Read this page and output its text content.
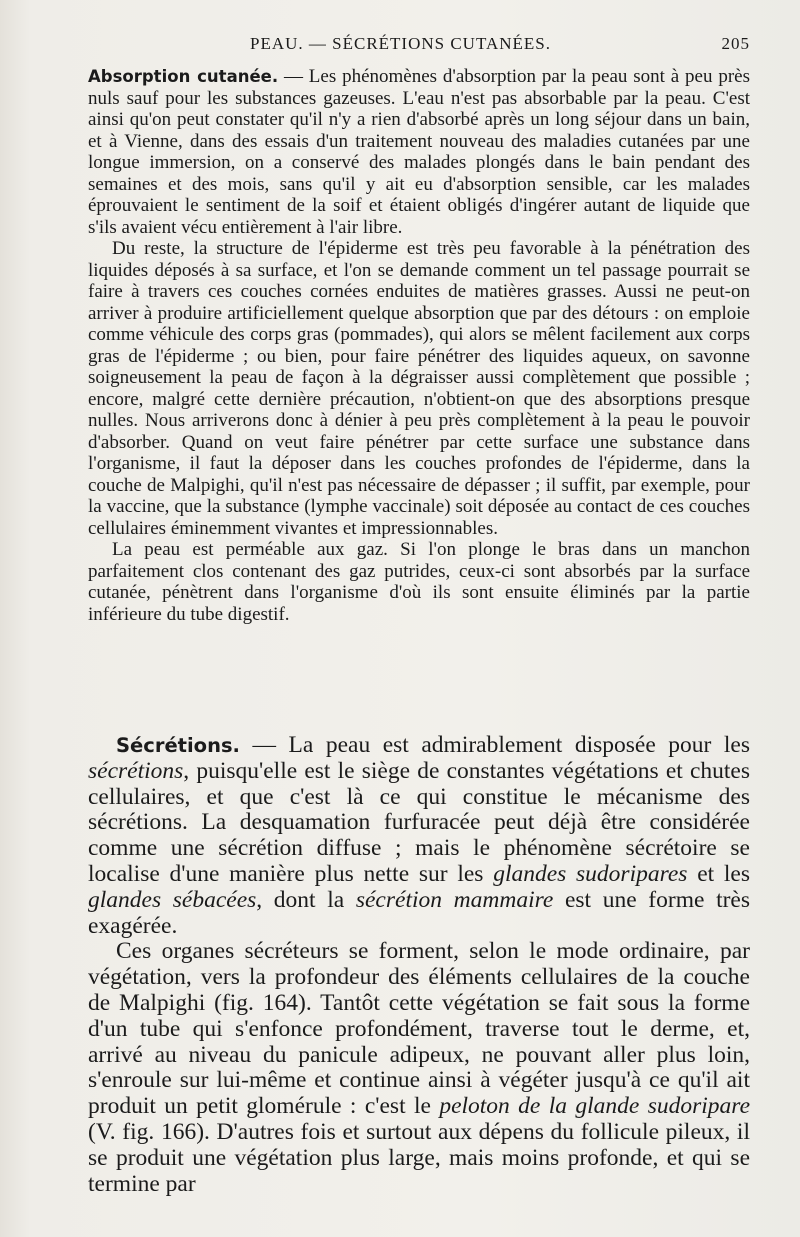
PEAU. — SÉCRÉTIONS CUTANÉES.	205

Absorption cutanée. — Les phénomènes d'absorption par la peau sont à peu près nuls sauf pour les substances gazeuses. L'eau n'est pas absorbable par la peau. C'est ainsi qu'on peut constater qu'il n'y a rien d'absorbé après un long séjour dans un bain, et à Vienne, dans des essais d'un traitement nouveau des maladies cutanées par une longue immersion, on a conservé des malades plongés dans le bain pendant des semaines et des mois, sans qu'il y ait eu d'absorption sensible, car les malades éprouvaient le sentiment de la soif et étaient obligés d'ingérer autant de liquide que s'ils avaient vécu entièrement à l'air libre.

Du reste, la structure de l'épiderme est très peu favorable à la pénétration des liquides déposés à sa surface, et l'on se demande comment un tel passage pourrait se faire à travers ces couches cornées enduites de matières grasses. Aussi ne peut-on arriver à produire artificiellement quelque absorption que par des détours : on emploie comme véhicule des corps gras (pommades), qui alors se mêlent facilement aux corps gras de l'épiderme ; ou bien, pour faire pénétrer des liquides aqueux, on savonne soigneusement la peau de façon à la dégraisser aussi complètement que possible ; encore, malgré cette dernière précaution, n'obtient-on que des absorptions presque nulles. Nous arriverons donc à dénier à peu près complètement à la peau le pouvoir d'absorber. Quand on veut faire pénétrer par cette surface une substance dans l'organisme, il faut la déposer dans les couches profondes de l'épiderme, dans la couche de Malpighi, qu'il n'est pas nécessaire de dépasser ; il suffit, par exemple, pour la vaccine, que la substance (lymphe vaccinale) soit déposée au contact de ces couches cellulaires éminemment vivantes et impressionnables.

La peau est perméable aux gaz. Si l'on plonge le bras dans un manchon parfaitement clos contenant des gaz putrides, ceux-ci sont absorbés par la surface cutanée, pénètrent dans l'organisme d'où ils sont ensuite éliminés par la partie inférieure du tube digestif.

Sécrétions. — La peau est admirablement disposée pour les sécrétions, puisqu'elle est le siège de constantes végétations et chutes cellulaires, et que c'est là ce qui constitue le mécanisme des sécrétions. La desquamation furfuracée peut déjà être considérée comme une sécrétion diffuse ; mais le phénomène sécrétoire se localise d'une manière plus nette sur les glandes sudoripares et les glandes sébacées, dont la sécrétion mammaire est une forme très exagérée.

Ces organes sécréteurs se forment, selon le mode ordinaire, par végétation, vers la profondeur des éléments cellulaires de la couche de Malpighi (fig. 164). Tantôt cette végétation se fait sous la forme d'un tube qui s'enfonce profondément, traverse tout le derme, et, arrivé au niveau du panicule adipeux, ne pouvant aller plus loin, s'enroule sur lui-même et continue ainsi à végéter jusqu'à ce qu'il ait produit un petit glomérule : c'est le peloton de la glande sudoripare (V. fig. 166). D'autres fois et surtout aux dépens du follicule pileux, il se produit une végétation plus large, mais moins profonde, et qui se termine par
